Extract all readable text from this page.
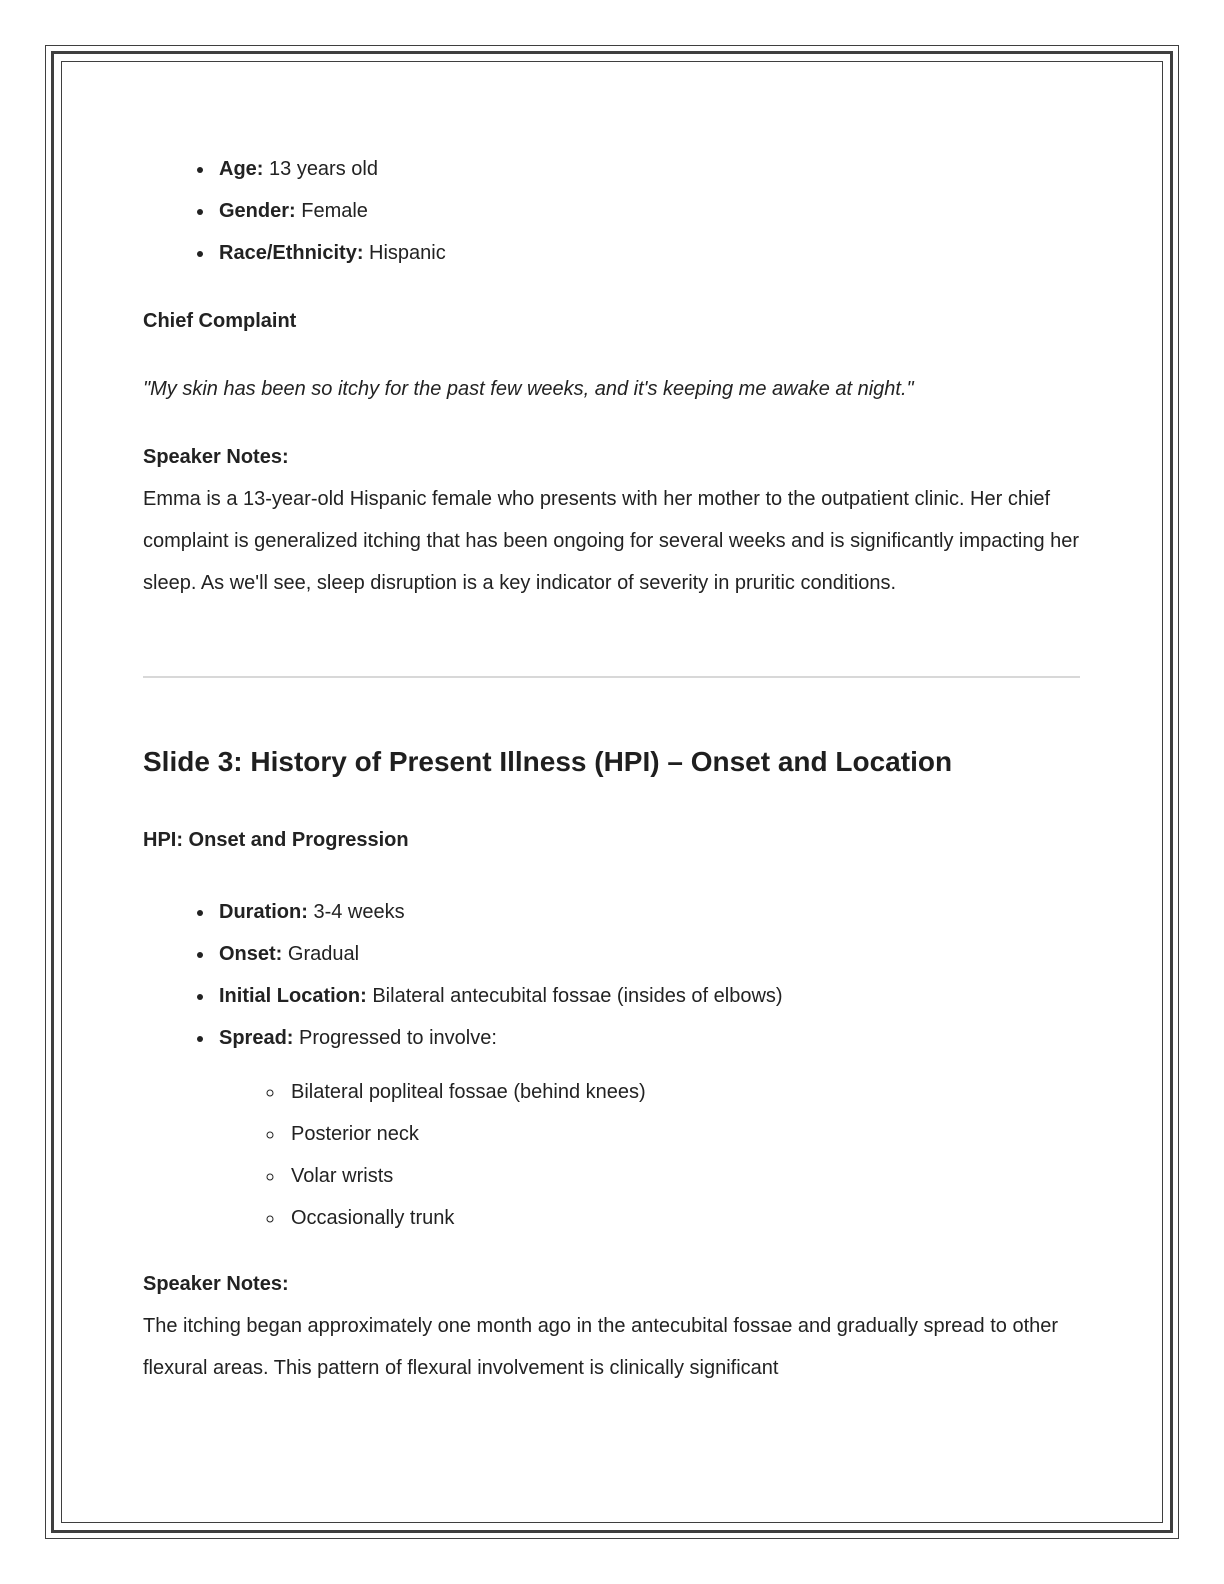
• Age: 13 years old
• Gender: Female
• Race/Ethnicity: Hispanic

Chief Complaint

"My skin has been so itchy for the past few weeks, and it's keeping me awake at night."

Speaker Notes:

Emma is a 13-year-old Hispanic female who presents with her mother to the outpatient clinic. Her chief complaint is generalized itching that has been ongoing for several weeks and is significantly impacting her sleep. As we'll see, sleep disruption is a key indicator of severity in pruritic conditions.

Slide 3: History of Present Illness (HPI) – Onset and Location

HPI: Onset and Progression

• Duration: 3-4 weeks
• Onset: Gradual
• Initial Location: Bilateral antecubital fossae (insides of elbows)
• Spread: Progressed to involve:
◦ Bilateral popliteal fossae (behind knees)
◦ Posterior neck
◦ Volar wrists
◦ Occasionally trunk

Speaker Notes:

The itching began approximately one month ago in the antecubital fossae and gradually spread to other flexural areas. This pattern of flexural involvement is clinically significant
